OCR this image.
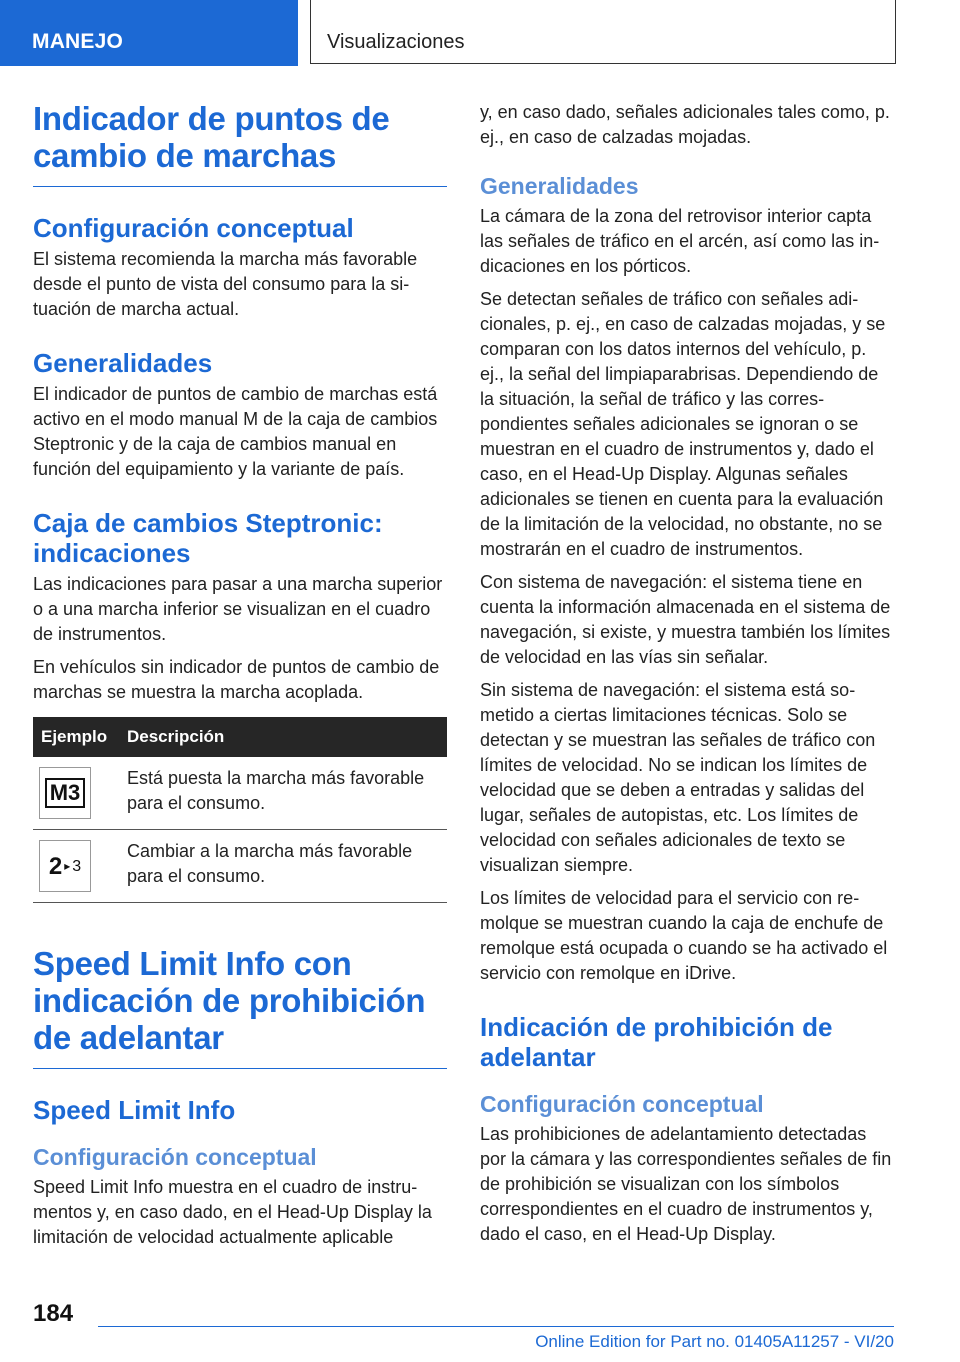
MANEJO	Visualizaciones
Indicador de puntos de cambio de marchas
Configuración conceptual

El sistema recomienda la marcha más favorable desde el punto de vista del consumo para la situación de marcha actual.

Generalidades

El indicador de puntos de cambio de marchas está activo en el modo manual M de la caja de cambios Steptronic y de la caja de cambios manual en función del equipamiento y la variante de país.

Caja de cambios Steptronic: indicaciones

Las indicaciones para pasar a una marcha superior o a una marcha inferior se visualizan en el cuadro de instrumentos.

En vehículos sin indicador de puntos de cambio de marchas se muestra la marcha acoplada.

Ejemplo	Descripción

M3	Está puesta la marcha más favorable para el consumo.

2 ▸ 3	Cambiar a la marcha más favorable para el consumo.
Speed Limit Info con indicación de prohibición de adelantar
Speed Limit Info
Configuración conceptual

Speed Limit Info muestra en el cuadro de instrumentos y, en caso dado, en el Head-Up Display la limitación de velocidad actualmente aplicable

y, en caso dado, señales adicionales tales como, p. ej., en caso de calzadas mojadas.

Generalidades

La cámara de la zona del retrovisor interior capta las señales de tráfico en el arcén, así como las indicaciones en los pórticos.

Se detectan señales de tráfico con señales adicionales, p. ej., en caso de calzadas mojadas, y se comparan con los datos internos del vehículo, p. ej., la señal del limpiaparabrisas. Dependiendo de la situación, la señal de tráfico y las correspondientes señales adicionales se ignoran o se muestran en el cuadro de instrumentos y, dado el caso, en el Head-Up Display. Algunas señales adicionales se tienen en cuenta para la evaluación de la limitación de la velocidad, no obstante, no se mostrarán en el cuadro de instrumentos.

Con sistema de navegación: el sistema tiene en cuenta la información almacenada en el sistema de navegación, si existe, y muestra también los límites de velocidad en las vías sin señalar.

Sin sistema de navegación: el sistema está sometido a ciertas limitaciones técnicas. Solo se detectan y se muestran las señales de tráfico con límites de velocidad. No se indican los límites de velocidad que se deben a entradas y salidas del lugar, señales de autopistas, etc. Los límites de velocidad con señales adicionales de texto se visualizan siempre.

Los límites de velocidad para el servicio con remolque se muestran cuando la caja de enchufe de remolque está ocupada o cuando se ha activado el servicio con remolque en iDrive.

Indicación de prohibición de adelantar
Configuración conceptual

Las prohibiciones de adelantamiento detectadas por la cámara y las correspondientes señales de fin de prohibición se visualizan con los símbolos correspondientes en el cuadro de instrumentos y, dado el caso, en el Head-Up Display.

184
Online Edition for Part no. 01405A11257 - VI/20
